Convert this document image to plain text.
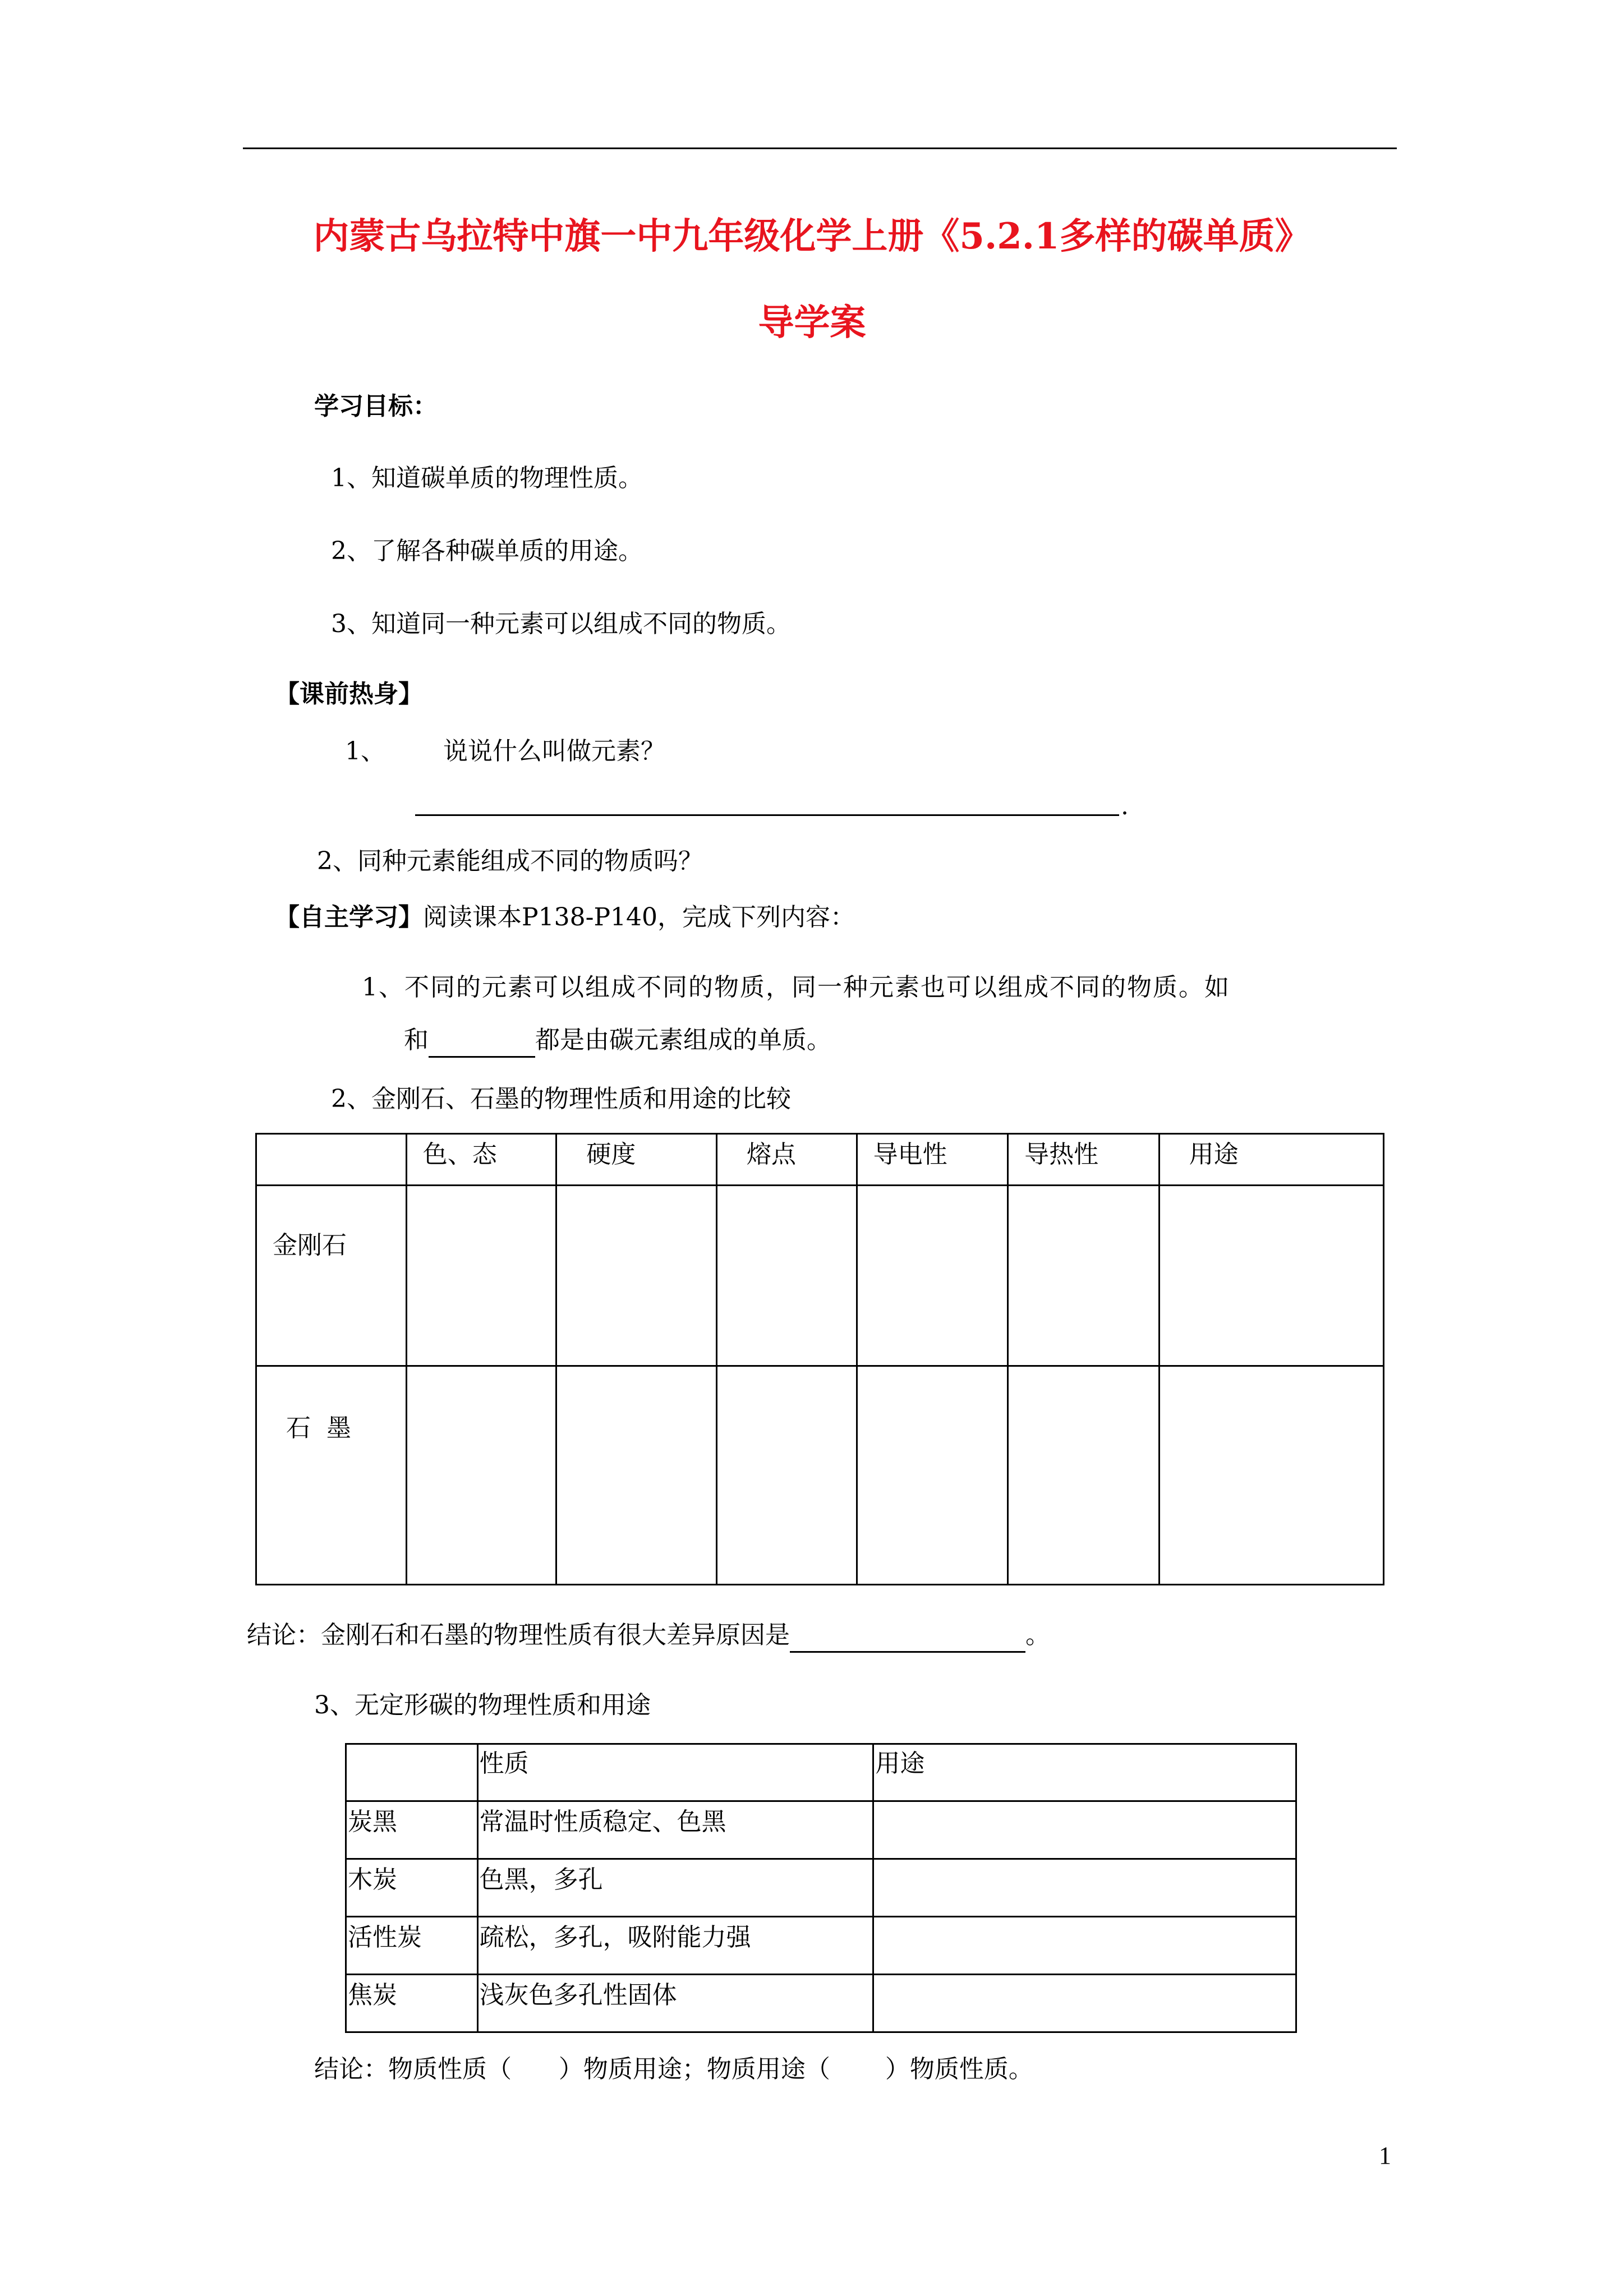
内蒙古乌拉特中旗一中九年级化学上册《5.2.1多样的碳单质》
导学案
学习目标：
1、知道碳单质的物理性质。
2、了解各种碳单质的用途。
3、知道同一种元素可以组成不同的物质。
【课前热身】
1、 说说什么叫做元素？
.
2、同种元素能组成不同的物质吗？
【自主学习】阅读课本P138-P140，完成下列内容：
1、不同的元素可以组成不同的物质，同一种元素也可以组成不同的物质。如
和	都是由碳元素组成的单质。
2、金刚石、石墨的物理性质和用途的比较
	色、态	硬度	熔点	导电性	导热性	用途
金刚石						
石  墨						
结论：金刚石和石墨的物理性质有很大差异原因是	。
3、无定形碳的物理性质和用途
	性质	用途
炭黑	常温时性质稳定、色黑	
木炭	色黑，多孔	
活性炭	疏松，多孔，吸附能力强	
焦炭	浅灰色多孔性固体	
结论：物质性质（      ）物质用途；物质用途（       ）物质性质。
1
